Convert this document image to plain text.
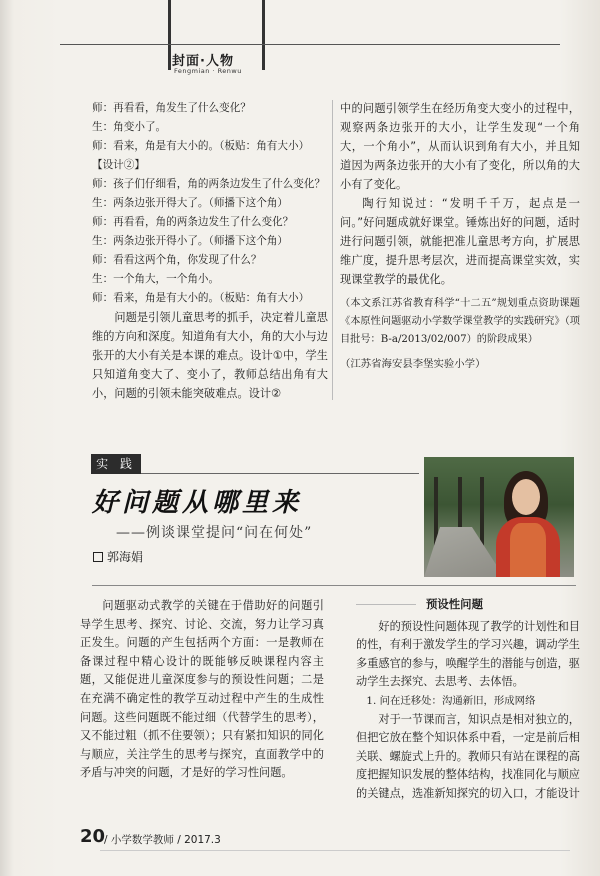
封面·人物
Fengmian · Renwu

师：再看看，角发生了什么变化？

生：角变小了。

师：看来，角是有大小的。（板贴：角有大小）

【设计②】

师：孩子们仔细看，角的两条边发生了什么变化？

生：两条边张开得大了。（师播下这个角）

师：再看看，角的两条边发生了什么变化？

生：两条边张开得小了。（师播下这个角）

师：看看这两个角，你发现了什么？

生：一个角大，一个角小。

师：看来，角是有大小的。（板贴：角有大小）

问题是引领儿童思考的抓手，决定着儿童思维的方向和深度。知道角有大小，角的大小与边张开的大小有关是本课的难点。设计①中，学生只知道角变大了、变小了，教师总结出角有大小，问题的引领未能突破难点。设计②

中的问题引领学生在经历角变大变小的过程中，观察两条边张开的大小，让学生发现“一个角大，一个角小”，从而认识到角有大小，并且知道因为两条边张开的大小有了变化，所以角的大小有了变化。

陶行知说过：“发明千千万，起点是一问。”好问题成就好课堂。锤炼出好的问题，适时进行问题引领，就能把准儿童思考方向，扩展思维广度，提升思考层次，进而提高课堂实效，实现课堂教学的最优化。

（本文系江苏省教育科学“十二五”规划重点资助课题《本原性问题驱动小学数学课堂教学的实践研究》（项目批号：B-a/2013/02/007）的阶段成果）

（江苏省海安县李堡实验小学）

实 践
好问题从哪里来
——例谈课堂提问“问在何处”
郭海娟

问题驱动式教学的关键在于借助好的问题引导学生思考、探究、讨论、交流，努力让学习真正发生。问题的产生包括两个方面：一是教师在备课过程中精心设计的既能够反映课程内容主题，又能促进儿童深度参与的预设性问题；二是在充满不确定性的教学互动过程中产生的生成性问题。这些问题既不能过细（代替学生的思考），又不能过粗（抓不住要领）；只有紧扣知识的同化与顺应，关注学生的思考与探究，直面教学中的矛盾与冲突的问题，才是好的学习性问题。

预设性问题

好的预设性问题体现了教学的计划性和目的性，有利于激发学生的学习兴趣，调动学生多重感官的参与，唤醒学生的潜能与创造，驱动学生去探究、去思考、去体悟。

1. 问在迁移处：沟通新旧，形成网络

对于一节课而言，知识点是相对独立的，但把它放在整个知识体系中看，一定是前后相关联、螺旋式上升的。教师只有站在课程的高度把握知识发展的整体结构，找准同化与顺应的关键点，选准新知探究的切入口，才能设计

20
/ 小学数学教师 / 2017.3
